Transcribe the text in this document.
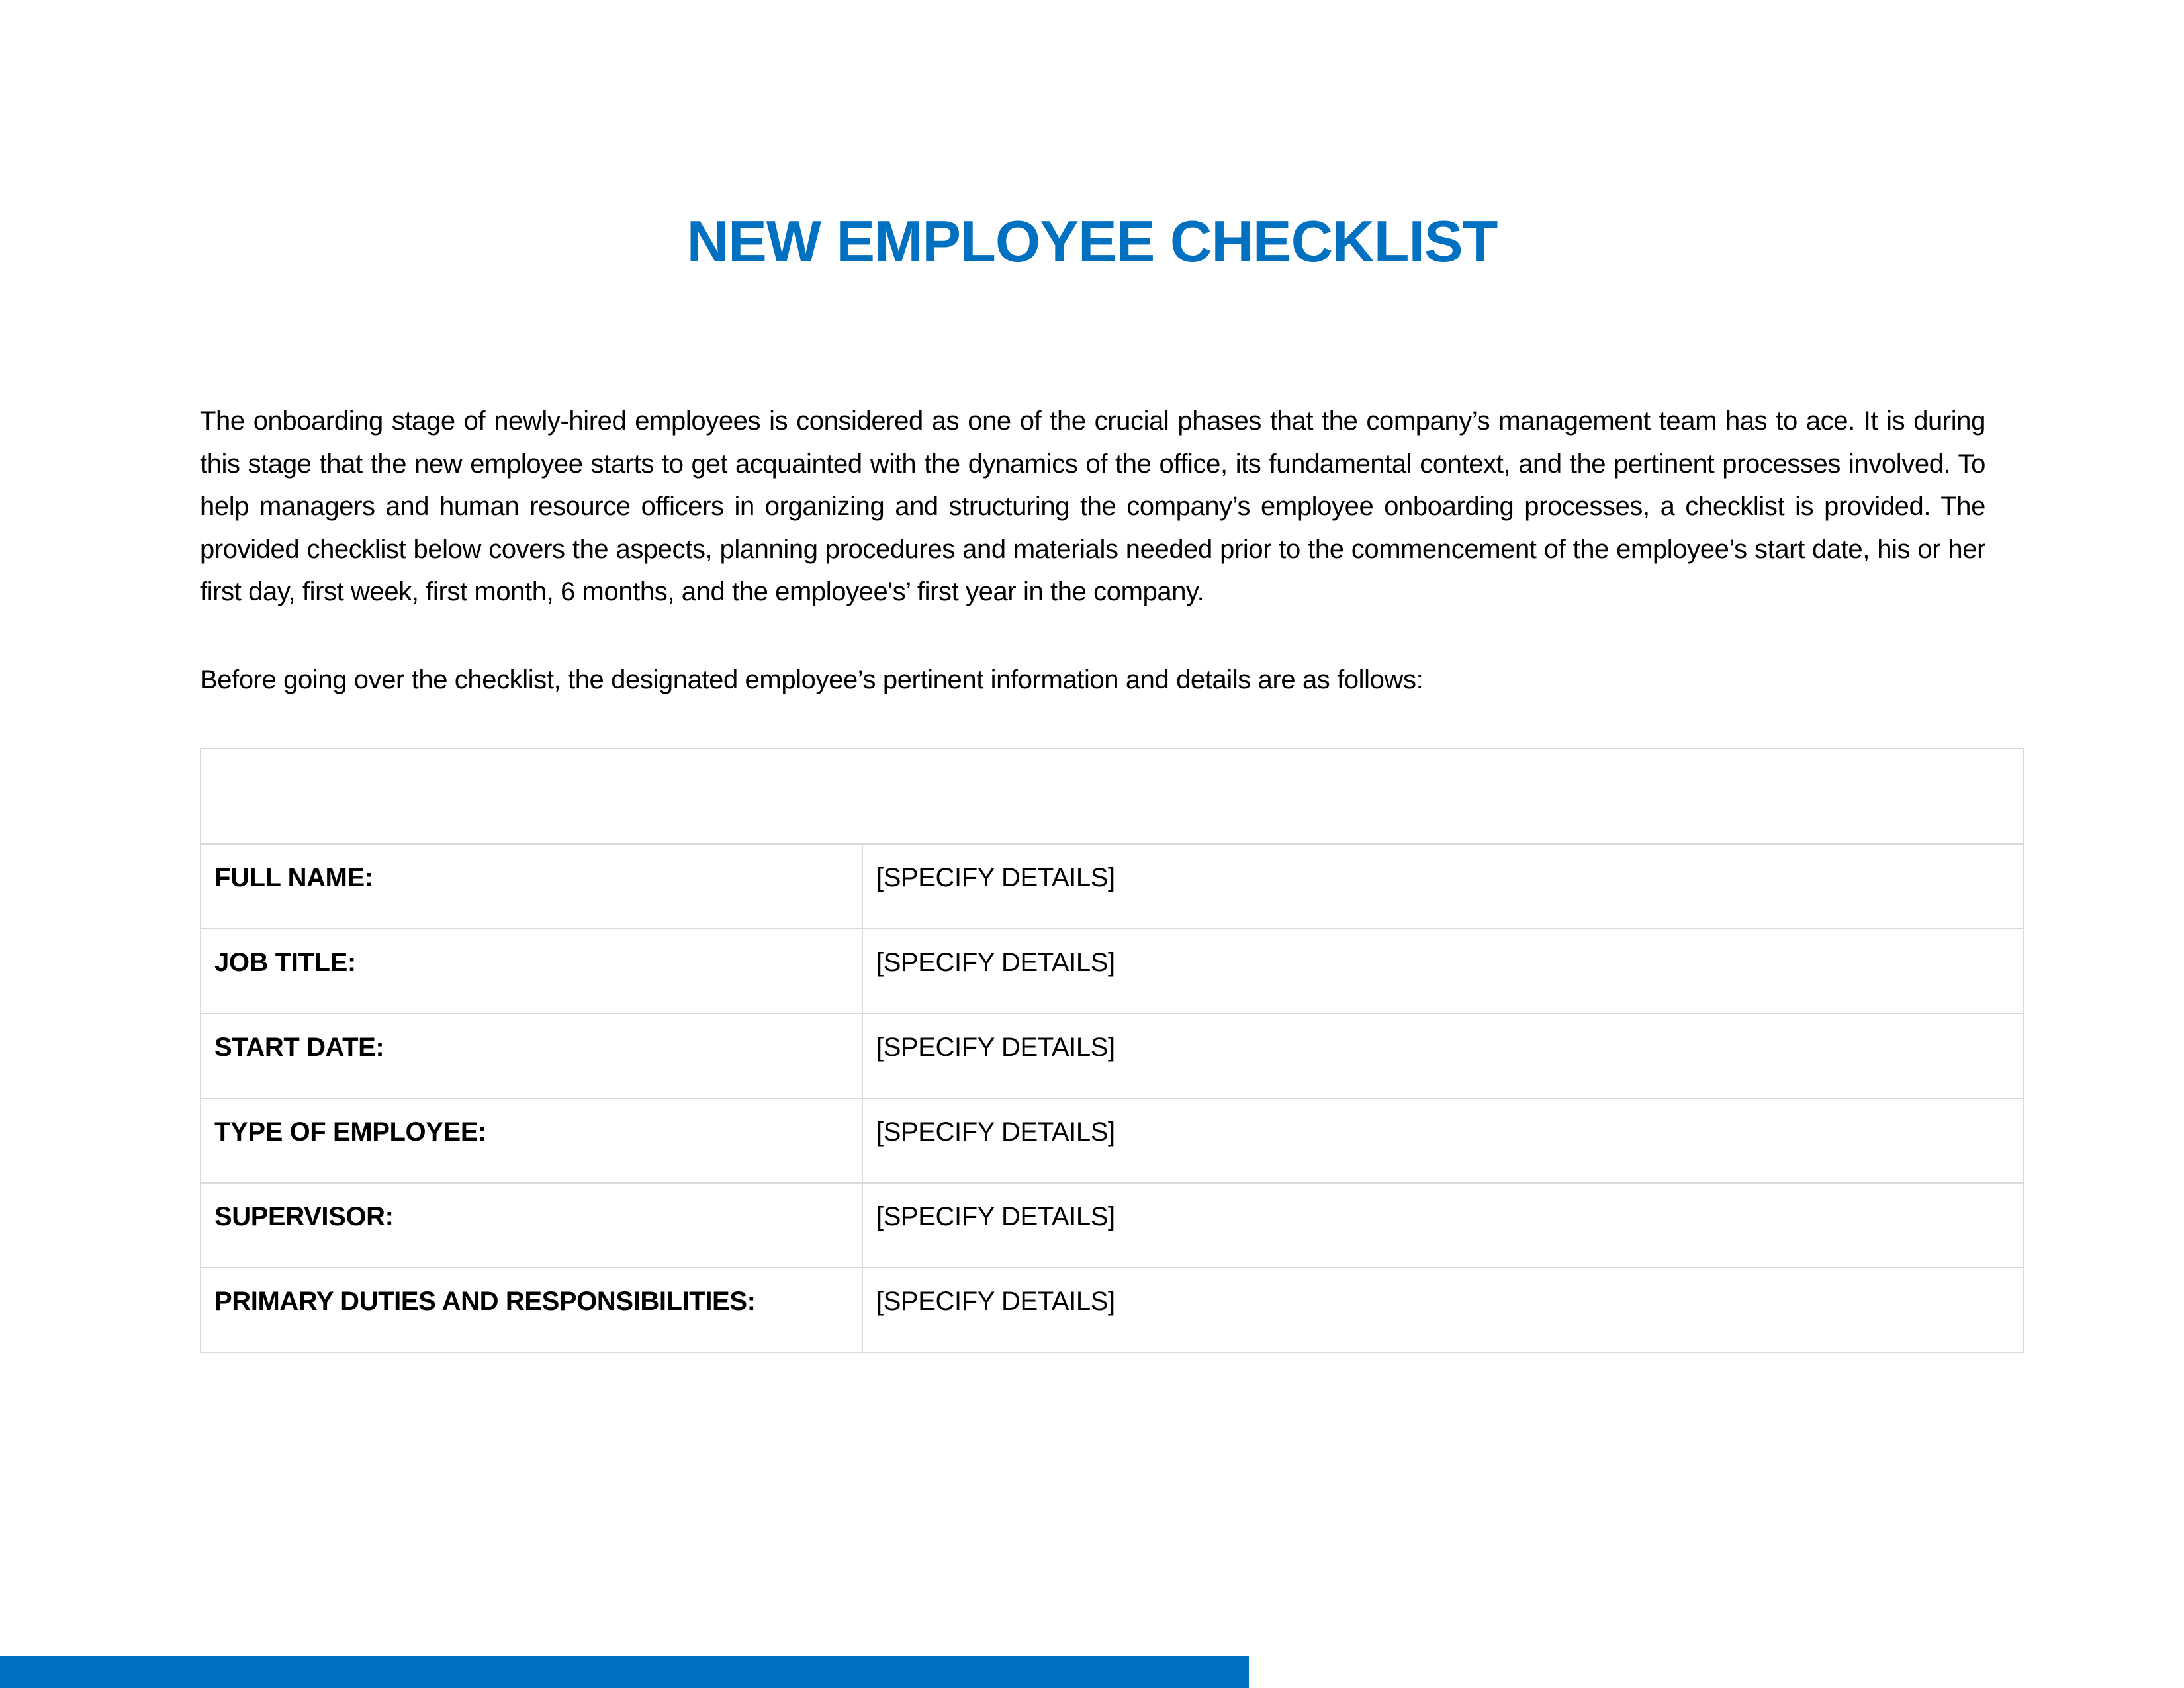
NEW EMPLOYEE CHECKLIST

The onboarding stage of newly-hired employees is considered as one of the crucial phases that the company’s management team has to ace. It is during this stage that the new employee starts to get acquainted with the dynamics of the office, its fundamental context, and the pertinent processes involved. To help managers and human resource officers in organizing and structuring the company’s employee onboarding processes, a checklist is provided. The provided checklist below covers the aspects, planning procedures and materials needed prior to the commencement of the employee’s start date, his or her first day, first week, first month, 6 months, and the employee's’ first year in the company.

Before going over the checklist, the designated employee’s pertinent information and details are as follows:

FULL NAME:	[SPECIFY DETAILS]
JOB TITLE:	[SPECIFY DETAILS]
START DATE:	[SPECIFY DETAILS]
TYPE OF EMPLOYEE:	[SPECIFY DETAILS]
SUPERVISOR:	[SPECIFY DETAILS]
PRIMARY DUTIES AND RESPONSIBILITIES:	[SPECIFY DETAILS]
